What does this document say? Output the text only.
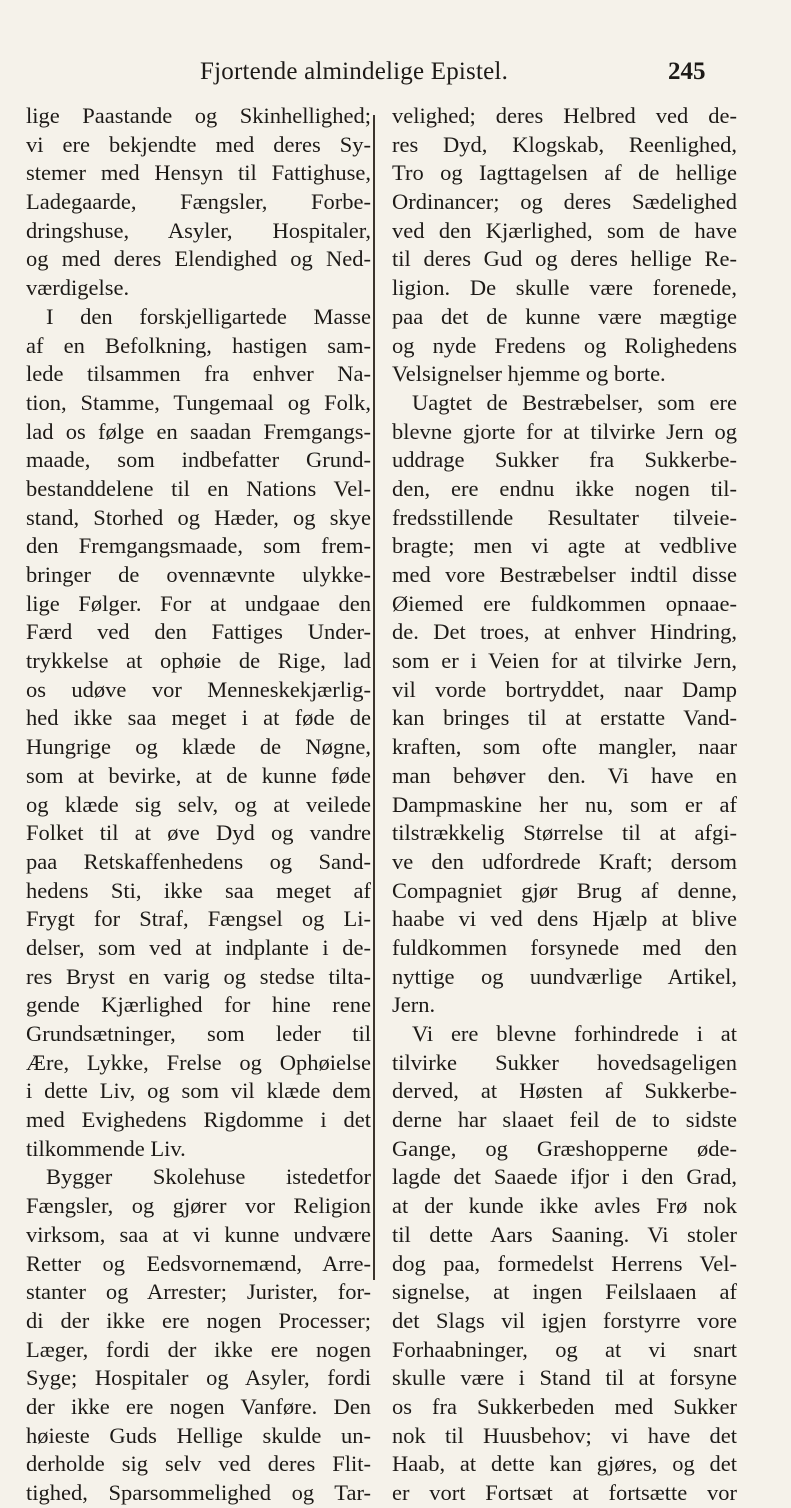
Fjortende almindelige Epistel.	245
lige Paastande og Skinhellighed;
vi ere bekjendte med deres Sy-
stemer med Hensyn til Fattighuse,
Ladegaarde, Fængsler, Forbe-
dringshuse, Asyler, Hospitaler,
og med deres Elendighed og Ned-
værdigelse.
I den forskjelligartede Masse
af en Befolkning, hastigen sam-
lede tilsammen fra enhver Na-
tion, Stamme, Tungemaal og Folk,
lad os følge en saadan Fremgangs-
maade, som indbefatter Grund-
bestanddelene til en Nations Vel-
stand, Storhed og Hæder, og skye
den Fremgangsmaade, som frem-
bringer de ovennævnte ulykke-
lige Følger. For at undgaae den
Færd ved den Fattiges Under-
trykkelse at ophøie de Rige, lad
os udøve vor Menneskekjærlig-
hed ikke saa meget i at føde de
Hungrige og klæde de Nøgne,
som at bevirke, at de kunne føde
og klæde sig selv, og at veilede
Folket til at øve Dyd og vandre
paa Retskaffenhedens og Sand-
hedens Sti, ikke saa meget af
Frygt for Straf, Fængsel og Li-
delser, som ved at indplante i de-
res Bryst en varig og stedse tilta-
gende Kjærlighed for hine rene
Grundsætninger, som leder til
Ære, Lykke, Frelse og Ophøielse
i dette Liv, og som vil klæde dem
med Evighedens Rigdomme i det
tilkommende Liv.
Bygger Skolehuse istedetfor
Fængsler, og gjører vor Religion
virksom, saa at vi kunne undvære
Retter og Eedsvornemænd, Arre-
stanter og Arrester; Jurister, for-
di der ikke ere nogen Processer;
Læger, fordi der ikke ere nogen
Syge; Hospitaler og Asyler, fordi
der ikke ere nogen Vanføre. Den
høieste Guds Hellige skulde un-
derholde sig selv ved deres Flit-
tighed, Sparsommelighed og Tar-
velighed; deres Helbred ved de-
res Dyd, Klogskab, Reenlighed,
Tro og Iagttagelsen af de hellige
Ordinancer; og deres Sædelighed
ved den Kjærlighed, som de have
til deres Gud og deres hellige Re-
ligion. De skulle være forenede,
paa det de kunne være mægtige
og nyde Fredens og Rolighedens
Velsignelser hjemme og borte.
Uagtet de Bestræbelser, som ere
blevne gjorte for at tilvirke Jern og
uddrage Sukker fra Sukkerbe-
den, ere endnu ikke nogen til-
fredsstillende Resultater tilveie-
bragte; men vi agte at vedblive
med vore Bestræbelser indtil disse
Øiemed ere fuldkommen opnaae-
de. Det troes, at enhver Hindring,
som er i Veien for at tilvirke Jern,
vil vorde bortryddet, naar Damp
kan bringes til at erstatte Vand-
kraften, som ofte mangler, naar
man behøver den. Vi have en
Dampmaskine her nu, som er af
tilstrækkelig Størrelse til at afgi-
ve den udfordrede Kraft; dersom
Compagniet gjør Brug af denne,
haabe vi ved dens Hjælp at blive
fuldkommen forsynede med den
nyttige og uundværlige Artikel,
Jern.
Vi ere blevne forhindrede i at
tilvirke Sukker hovedsageligen
derved, at Høsten af Sukkerbe-
derne har slaaet feil de to sidste
Gange, og Græshopperne øde-
lagde det Saaede ifjor i den Grad,
at der kunde ikke avles Frø nok
til dette Aars Saaning. Vi stoler
dog paa, formedelst Herrens Vel-
signelse, at ingen Feilslaaen af
det Slags vil igjen forstyrre vore
Forhaabninger, og at vi snart
skulle være i Stand til at forsyne
os fra Sukkerbeden med Sukker
nok til Huusbehov; vi have det
Haab, at dette kan gjøres, og det
er vort Fortsæt at fortsætte vor
